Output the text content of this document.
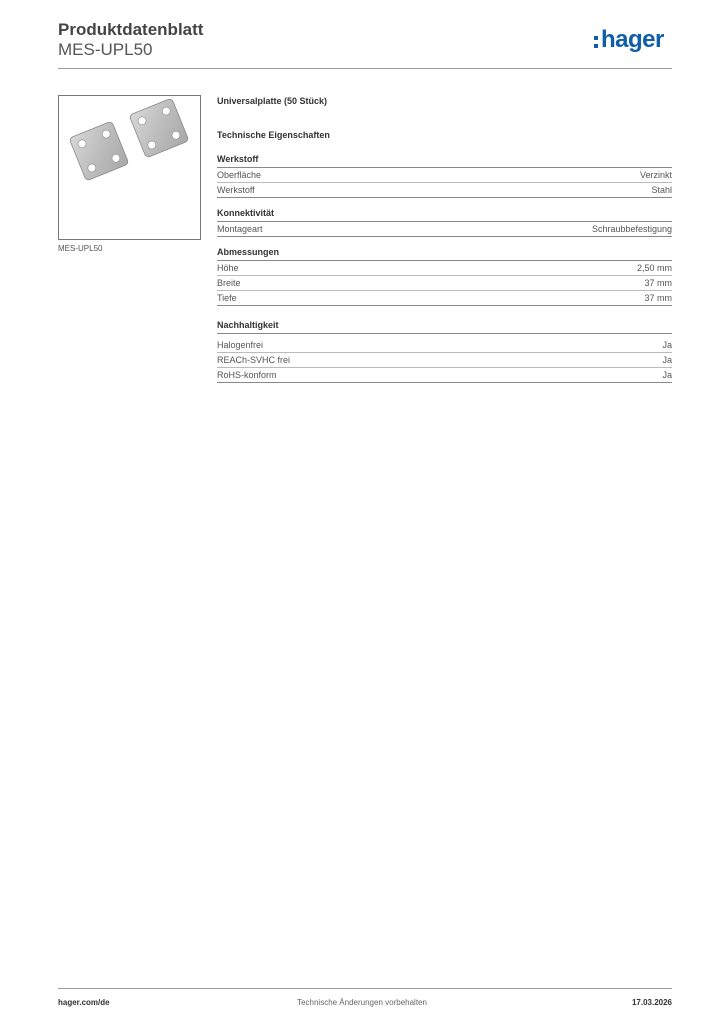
Produktdatenblatt
MES-UPL50	hager
MES-UPL50
Universalplatte (50 Stück)
Technische Eigenschaften
Werkstoff
Oberfläche	Verzinkt
Werkstoff	Stahl
Konnektivität
Montageart	Schraubbefestigung
Abmessungen
Höhe	2,50 mm
Breite	37 mm
Tiefe	37 mm
Nachhaltigkeit
Halogenfrei	Ja
REACh-SVHC frei	Ja
RoHS-konform	Ja
hager.com/de	Technische Änderungen vorbehalten	17.03.2026
